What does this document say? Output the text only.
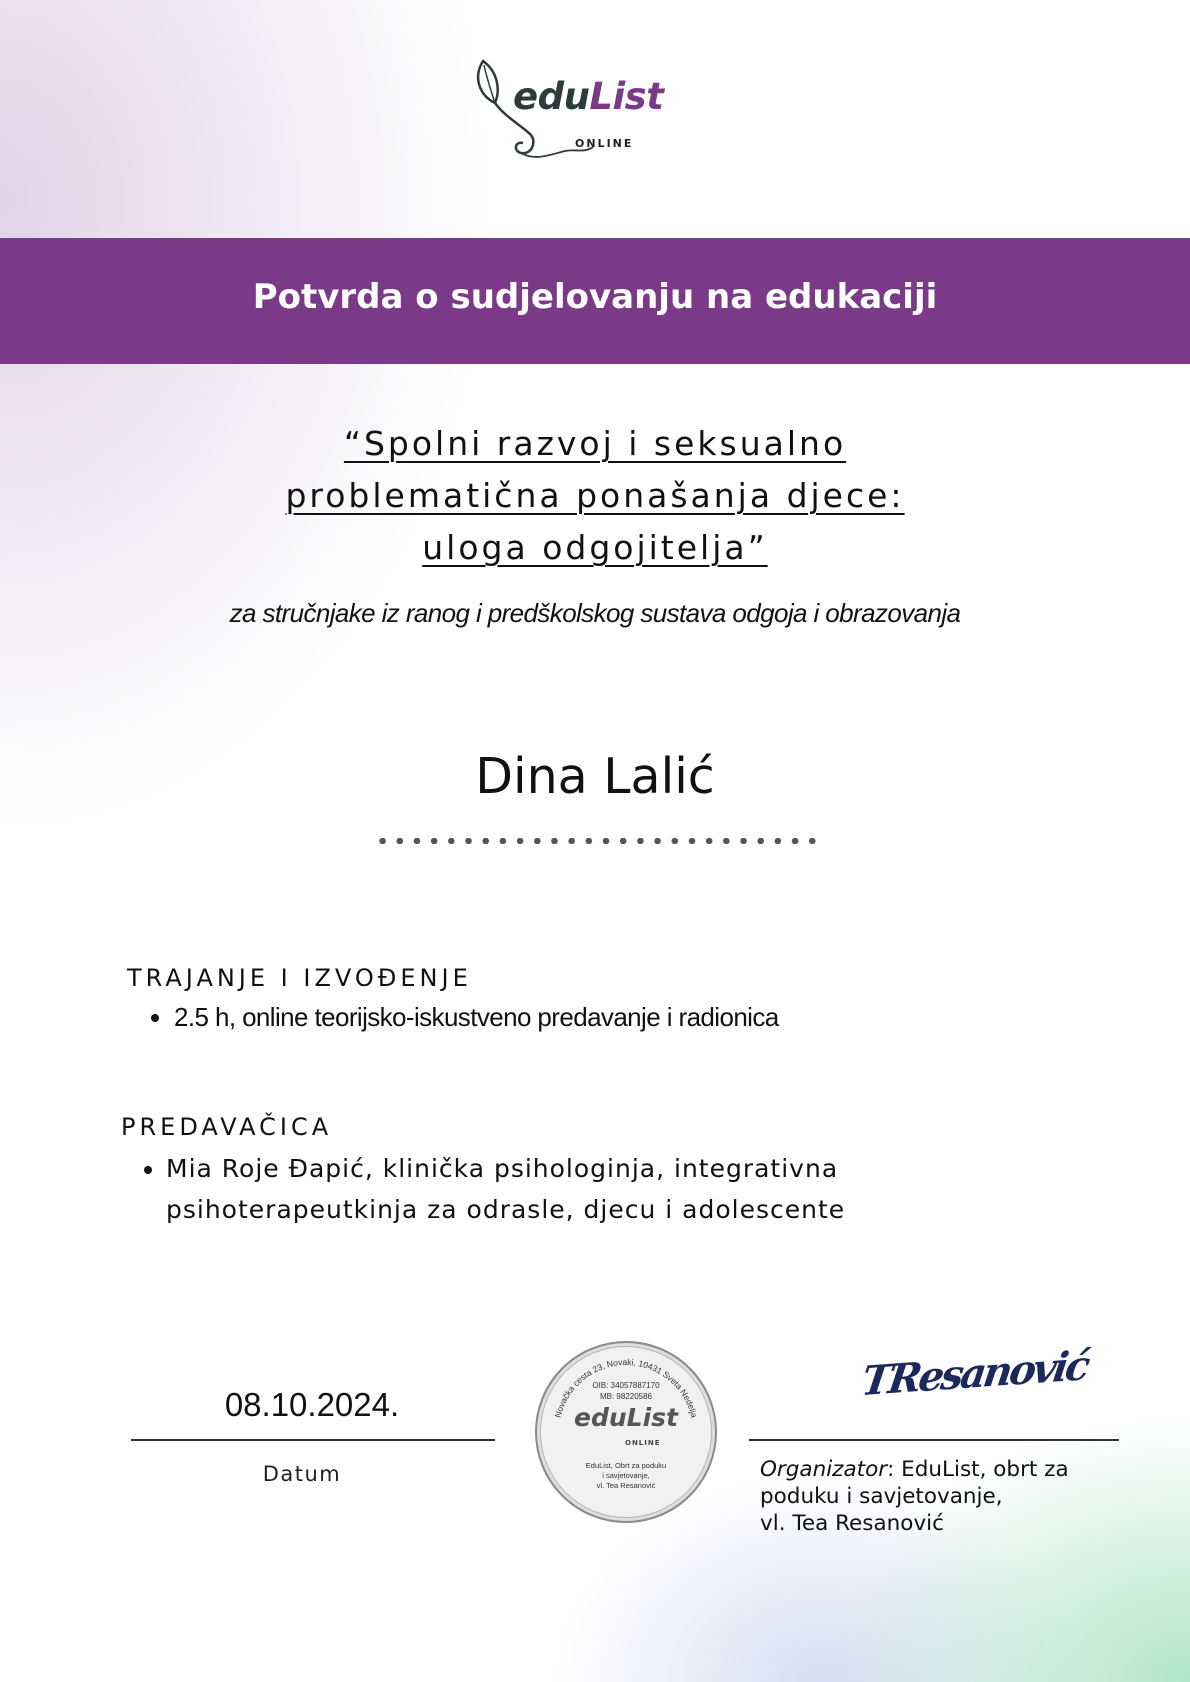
eduList
ONLINE
Potvrda o sudjelovanju na edukaciji
“Spolni razvoj i seksualno
problematična ponašanja djece:
uloga odgojitelja”
za stručnjake iz ranog i predškolskog sustava odgoja i obrazovanja
Dina Lalić
TRAJANJE I IZVOĐENJE
• 2.5 h, online teorijsko-iskustveno predavanje i radionica
PREDAVAČICA
• Mia Roje Đapić, klinička psihologinja, integrativna psihoterapeutkinja za odrasle, djecu i adolescente
08.10.2024.
Datum
Novačka cesta 23, Novaki, 10431 Sveta Nedelja
OIB: 34057887170
MB: 98220586
eduList
ONLINE
EduList, Obrt za poduku
i savjetovanje,
vl. Tea Resanović
TResanović
Organizator: EduList, obrt za poduku i savjetovanje,
vl. Tea Resanović
